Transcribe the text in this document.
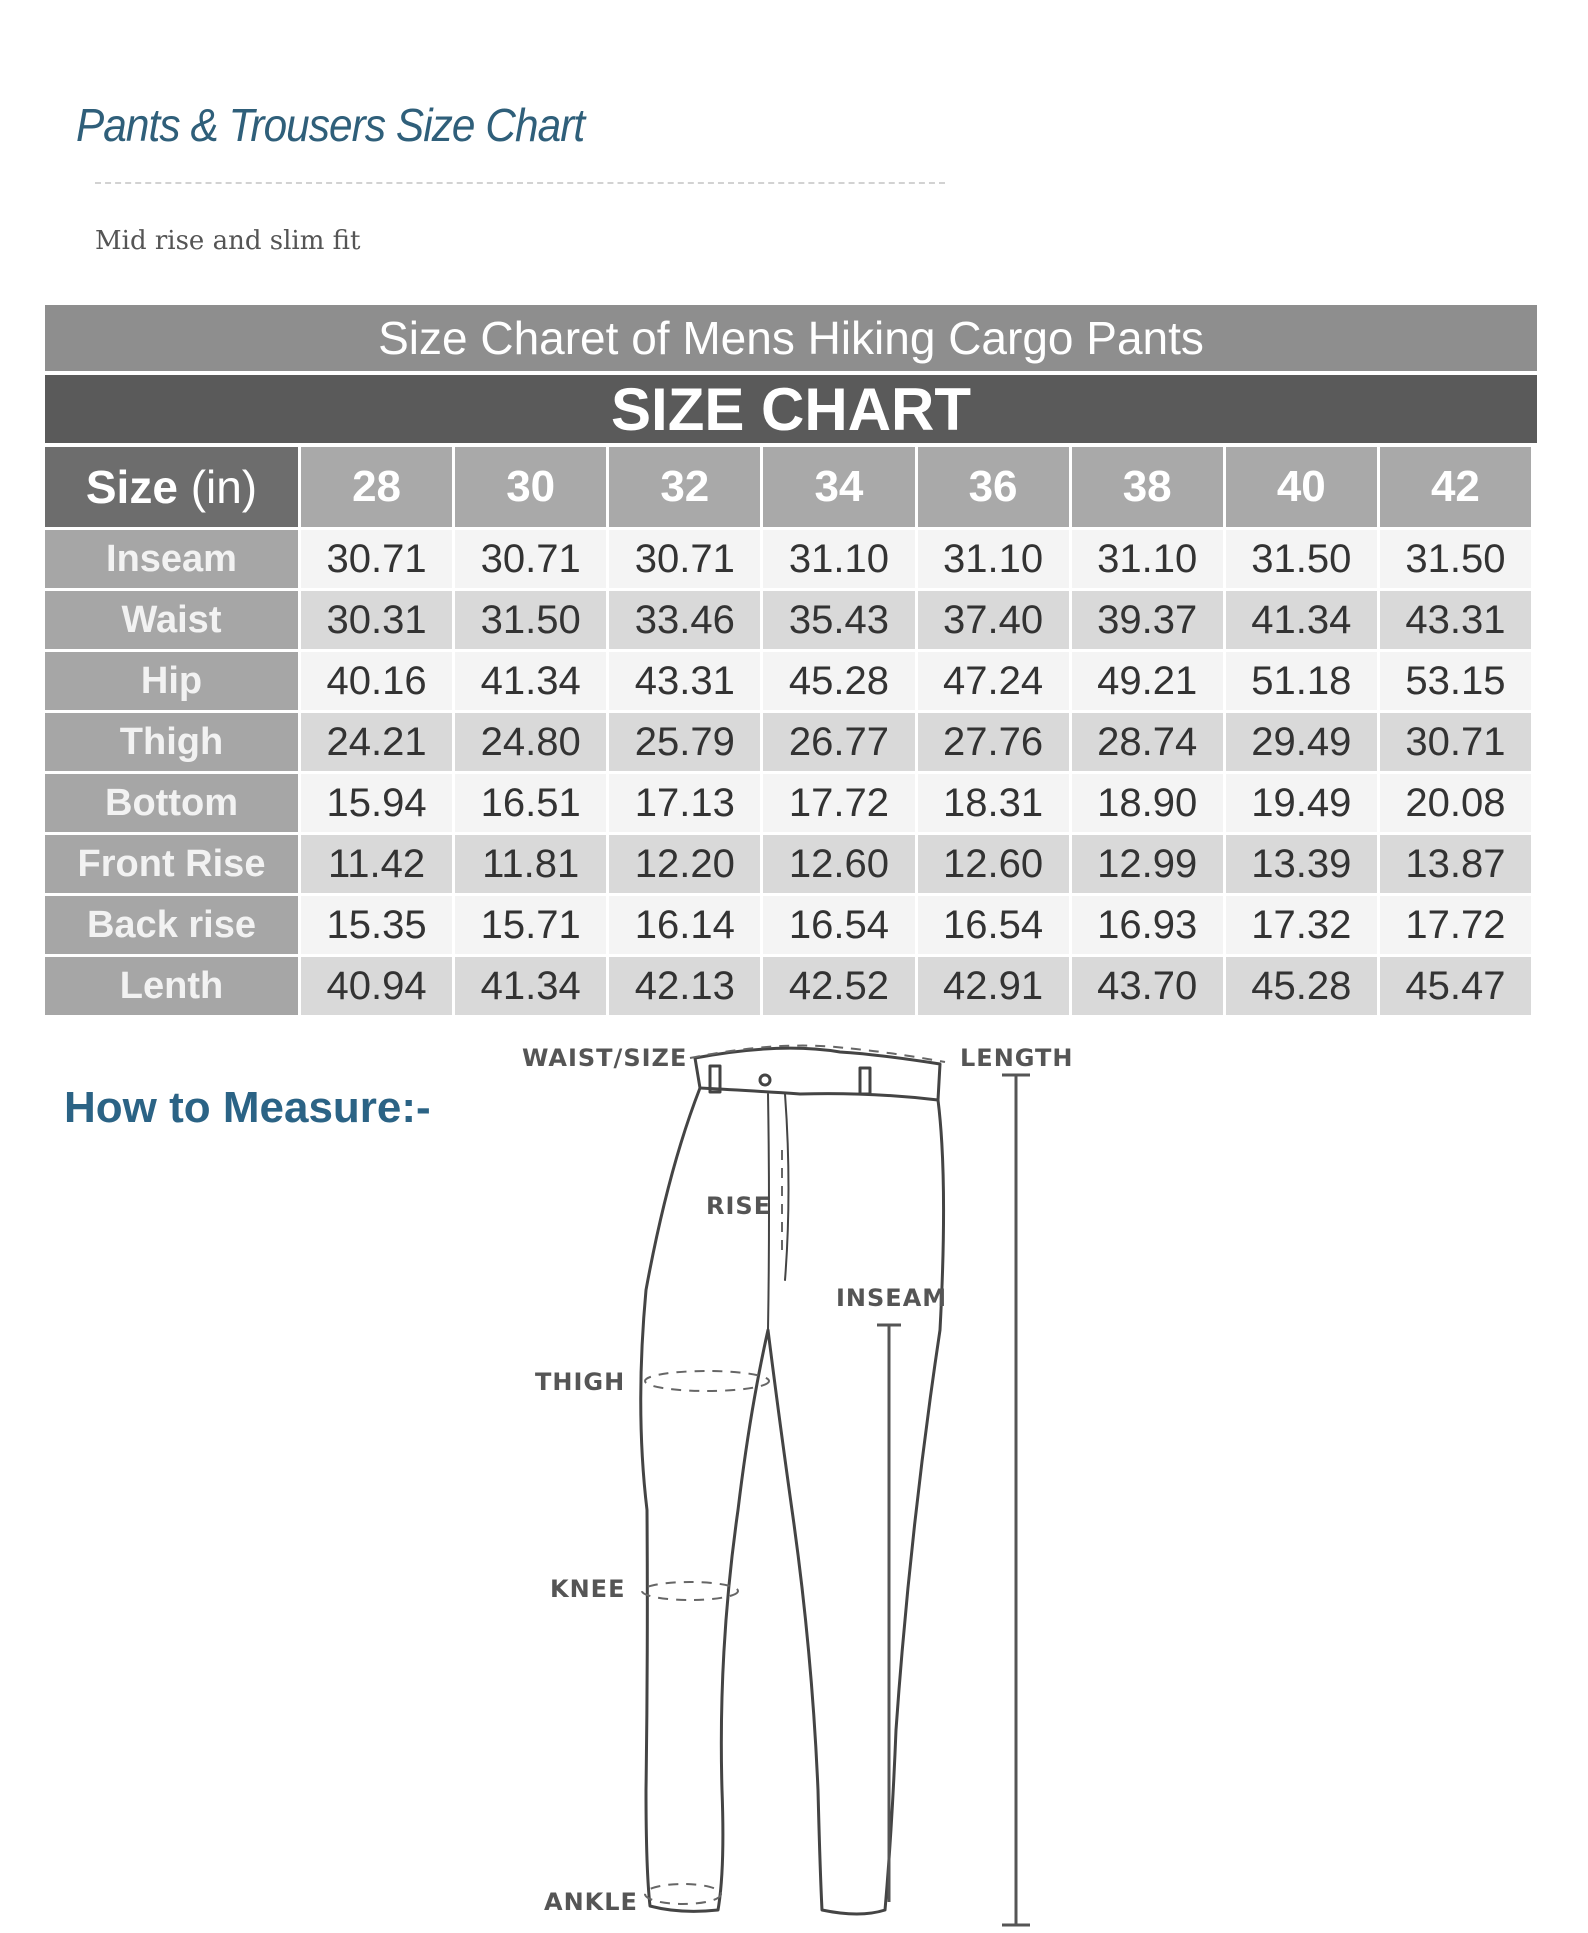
Pants & Trousers Size Chart
Mid rise and slim fit
Size Charet of Mens Hiking Cargo Pants
SIZE CHART
Size (in)	28	30	32	34	36	38	40	42
Inseam	30.71	30.71	30.71	31.10	31.10	31.10	31.50	31.50
Waist	30.31	31.50	33.46	35.43	37.40	39.37	41.34	43.31
Hip	40.16	41.34	43.31	45.28	47.24	49.21	51.18	53.15
Thigh	24.21	24.80	25.79	26.77	27.76	28.74	29.49	30.71
Bottom	15.94	16.51	17.13	17.72	18.31	18.90	19.49	20.08
Front Rise	11.42	11.81	12.20	12.60	12.60	12.99	13.39	13.87
Back rise	15.35	15.71	16.14	16.54	16.54	16.93	17.32	17.72
Lenth	40.94	41.34	42.13	42.52	42.91	43.70	45.28	45.47
How to Measure:-
WAIST/SIZE	LENGTH
RISE
INSEAM
THIGH
KNEE
ANKLE
